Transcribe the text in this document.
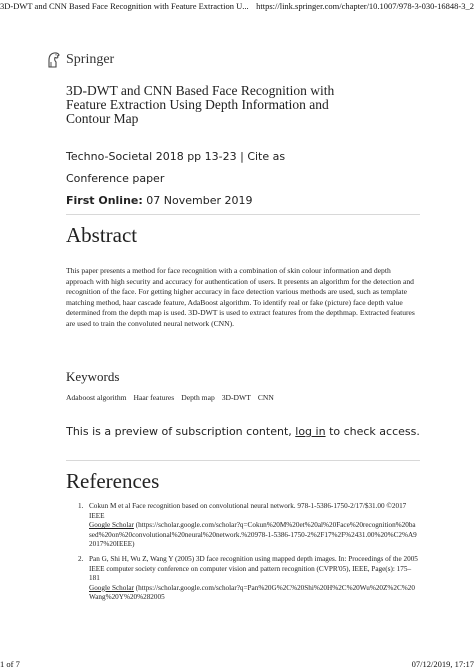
3D-DWT and CNN Based Face Recognition with Feature Extraction U... https://link.springer.com/chapter/10.1007/978-3-030-16848-3_2
Springer
3D-DWT and CNN Based Face Recognition with Feature Extraction Using Depth Information and Contour Map
Techno-Societal 2018 pp 13-23 | Cite as
Conference paper
First Online: 07 November 2019
Abstract
This paper presents a method for face recognition with a combination of skin colour information and depth approach with high security and accuracy for authentication of users. It presents an algorithm for the detection and recognition of the face. For getting higher accuracy in face detection various methods are used, such as template matching method, haar cascade feature, AdaBoost algorithm. To identify real or fake (picture) face depth value determined from the depth map is used. 3D-DWT is used to extract features from the depthmap. Extracted features are used to train the convoluted neural network (CNN).
Keywords
Adaboost algorithm Haar features Depth map 3D-DWT CNN
This is a preview of subscription content, log in to check access.
References
1. Cokun M et al Face recognition based on convolutional neural network. 978-1-5386-1750-2/17/$31.00 ©2017 IEEE
Google Scholar (https://scholar.google.com/scholar?q=Cokun%20M%20et%20al%20Face%20recognition%20based%20on%20convolutional%20neural%20network.%20978-1-5386-1750-2%2F17%2F%2431.00%20%C2%A92017%20IEEE)
2. Pan G, Shi H, Wu Z, Wang Y (2005) 3D face recognition using mapped depth images. In: Proceedings of the 2005 IEEE computer society conference on computer vision and pattern recognition (CVPR'05), IEEE, Page(s): 175–181
Google Scholar (https://scholar.google.com/scholar?q=Pan%20G%2C%20Shi%20H%2C%20Wu%20Z%2C%20Wang%20Y%20%282005
1 of 7	07/12/2019, 17:17
